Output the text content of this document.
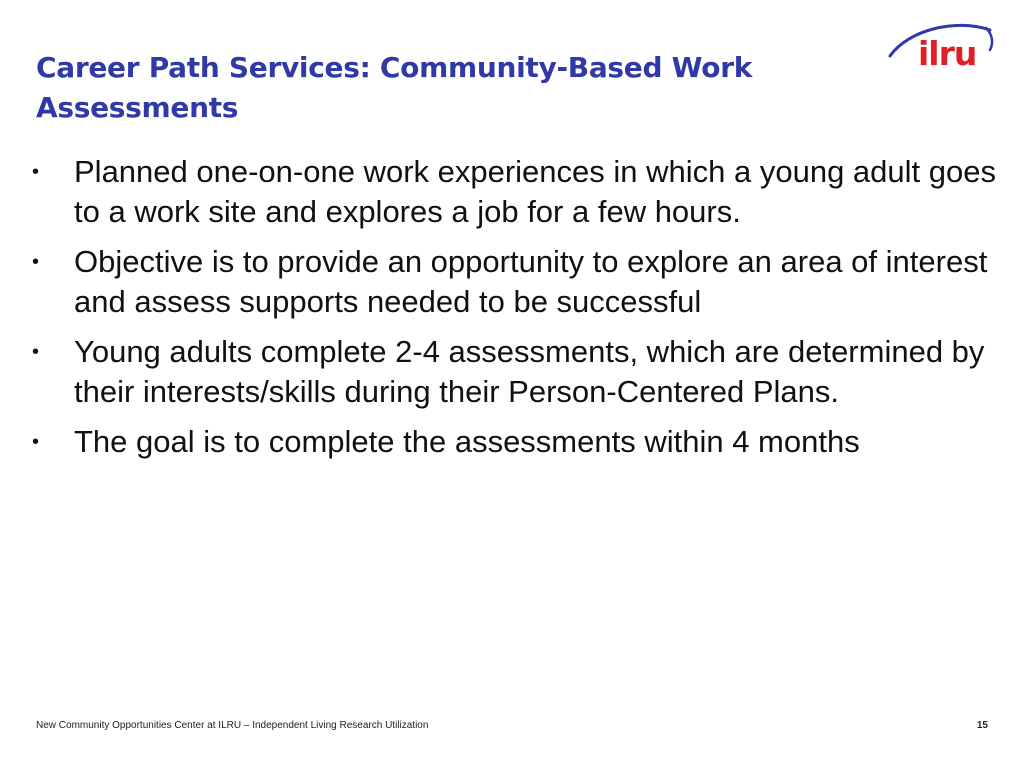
Career Path Services: Community-Based Work Assessments
ilru
• Planned one-on-one work experiences in which a young adult goes to a work site and explores a job for a few hours.
• Objective is to provide an opportunity to explore an area of interest and assess supports needed to be successful
• Young adults complete 2-4 assessments, which are determined by their interests/skills during their Person-Centered Plans.
• The goal is to complete the assessments within 4 months
New Community Opportunities Center at ILRU – Independent Living Research Utilization	15
